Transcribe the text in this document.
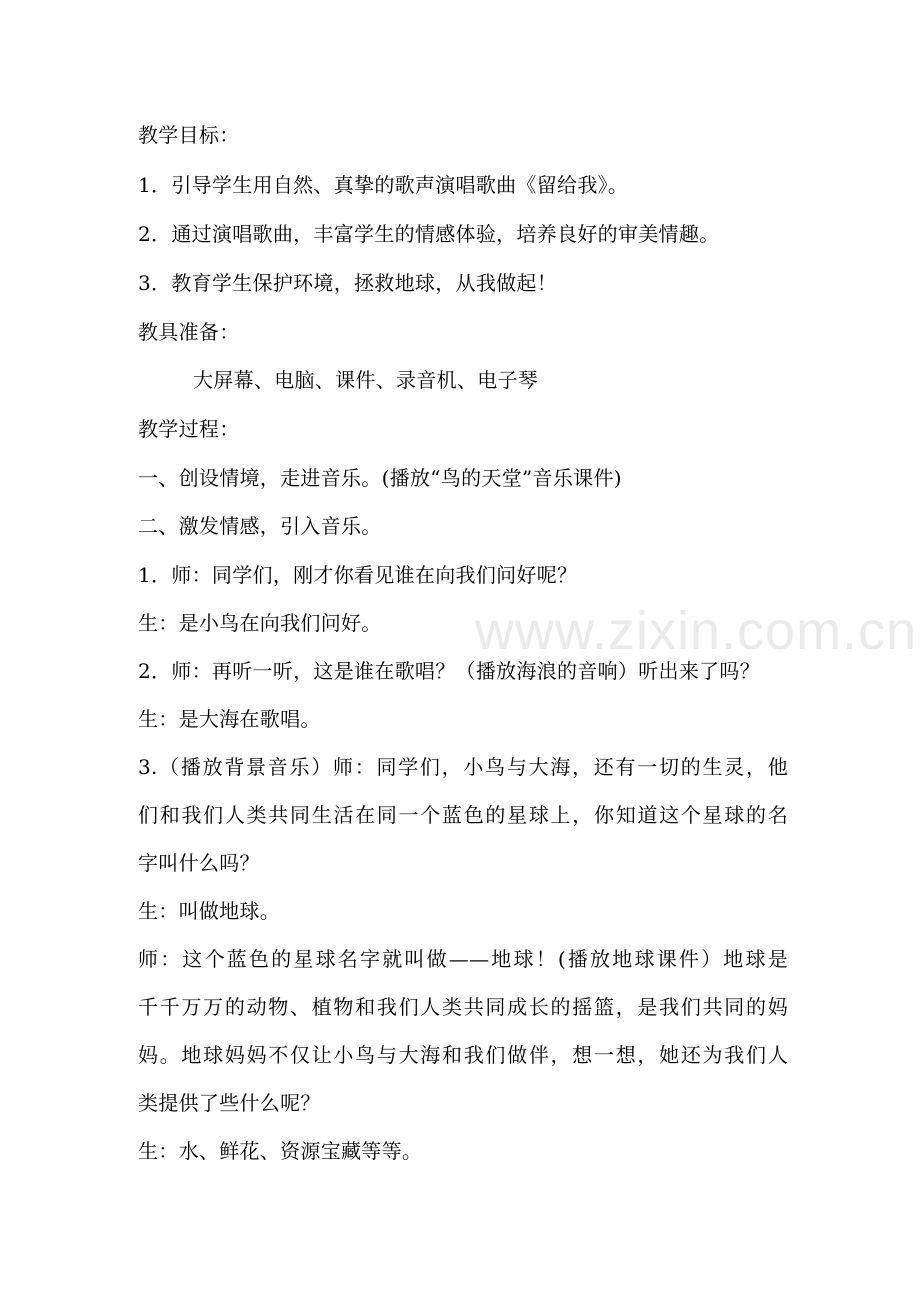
教学目标：
1．引导学生用自然、真挚的歌声演唱歌曲《留给我》。
2．通过演唱歌曲，丰富学生的情感体验，培养良好的审美情趣。
3．教育学生保护环境，拯救地球，从我做起！
教具准备：
大屏幕、电脑、课件、录音机、电子琴
教学过程：
一、创设情境，走进音乐。(播放“鸟的天堂”音乐课件)
二、激发情感，引入音乐。
1．师：同学们，刚才你看见谁在向我们问好呢？
生：是小鸟在向我们问好。
2．师：再听一听，这是谁在歌唱？（播放海浪的音响）听出来了吗？
生：是大海在歌唱。
3.（播放背景音乐）师：同学们，小鸟与大海，还有一切的生灵，他
们和我们人类共同生活在同一个蓝色的星球上，你知道这个星球的名
字叫什么吗？
生：叫做地球。
师：这个蓝色的星球名字就叫做——地球！(播放地球课件）地球是
千千万万的动物、植物和我们人类共同成长的摇篮，是我们共同的妈
妈。地球妈妈不仅让小鸟与大海和我们做伴，想一想，她还为我们人
类提供了些什么呢？
生：水、鲜花、资源宝藏等等。
www.zixin.com.cn
